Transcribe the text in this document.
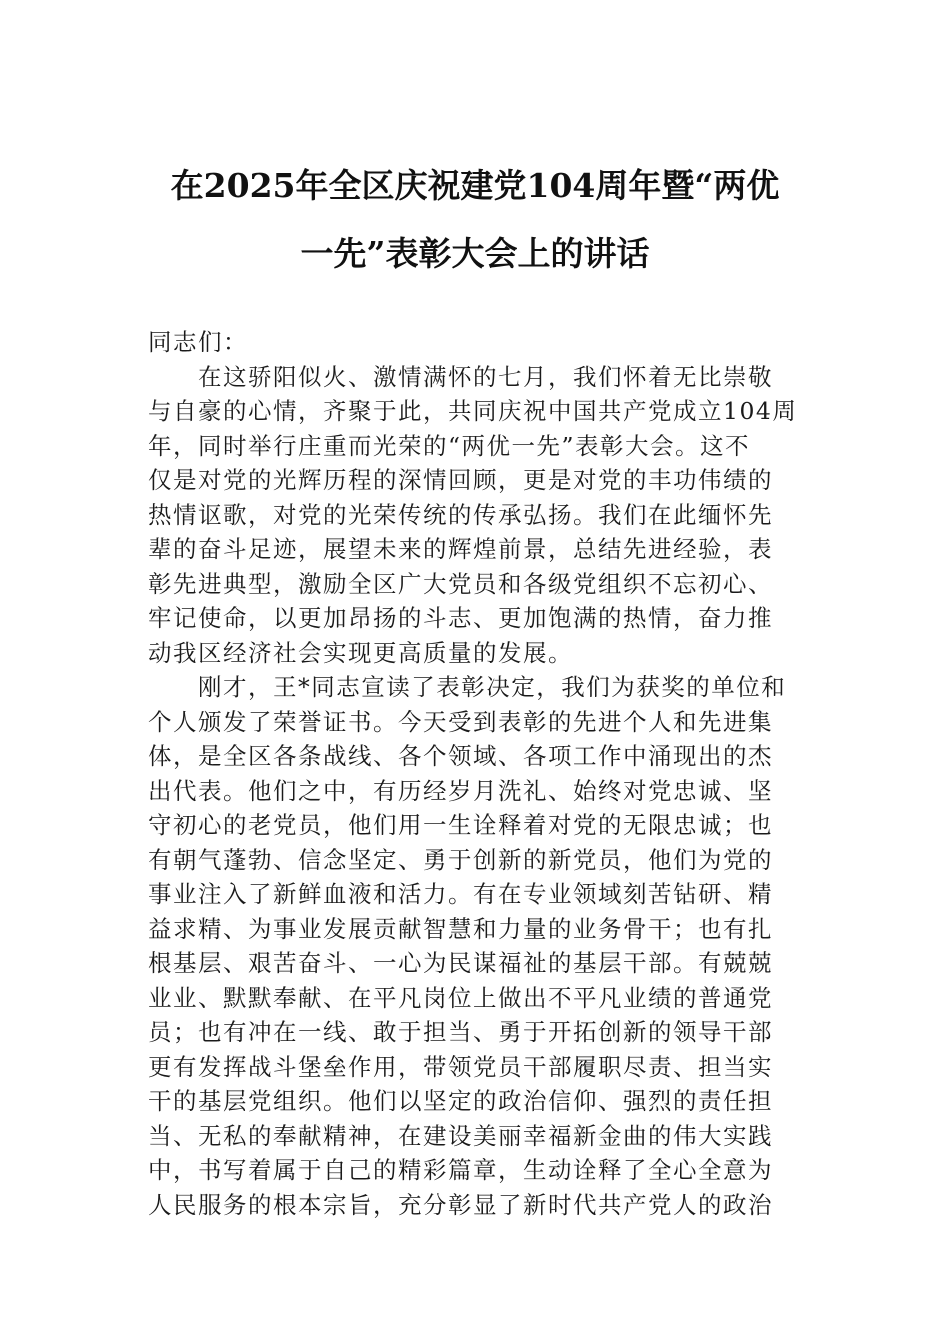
在2025年全区庆祝建党104周年暨“两优
一先”表彰大会上的讲话
同志们：
在这骄阳似火、激情满怀的七月，我们怀着无比崇敬
与自豪的心情，齐聚于此，共同庆祝中国共产党成立104周
年，同时举行庄重而光荣的“两优一先”表彰大会。这不
仅是对党的光辉历程的深情回顾，更是对党的丰功伟绩的
热情讴歌，对党的光荣传统的传承弘扬。我们在此缅怀先
辈的奋斗足迹，展望未来的辉煌前景，总结先进经验，表
彰先进典型，激励全区广大党员和各级党组织不忘初心、
牢记使命，以更加昂扬的斗志、更加饱满的热情，奋力推
动我区经济社会实现更高质量的发展。
刚才，王*同志宣读了表彰决定，我们为获奖的单位和
个人颁发了荣誉证书。今天受到表彰的先进个人和先进集
体，是全区各条战线、各个领域、各项工作中涌现出的杰
出代表。他们之中，有历经岁月洗礼、始终对党忠诚、坚
守初心的老党员，他们用一生诠释着对党的无限忠诚；也
有朝气蓬勃、信念坚定、勇于创新的新党员，他们为党的
事业注入了新鲜血液和活力。有在专业领域刻苦钻研、精
益求精、为事业发展贡献智慧和力量的业务骨干；也有扎
根基层、艰苦奋斗、一心为民谋福祉的基层干部。有兢兢
业业、默默奉献、在平凡岗位上做出不平凡业绩的普通党
员；也有冲在一线、敢于担当、勇于开拓创新的领导干部
更有发挥战斗堡垒作用，带领党员干部履职尽责、担当实
干的基层党组织。他们以坚定的政治信仰、强烈的责任担
当、无私的奉献精神，在建设美丽幸福新金曲的伟大实践
中，书写着属于自己的精彩篇章，生动诠释了全心全意为
人民服务的根本宗旨，充分彰显了新时代共产党人的政治
